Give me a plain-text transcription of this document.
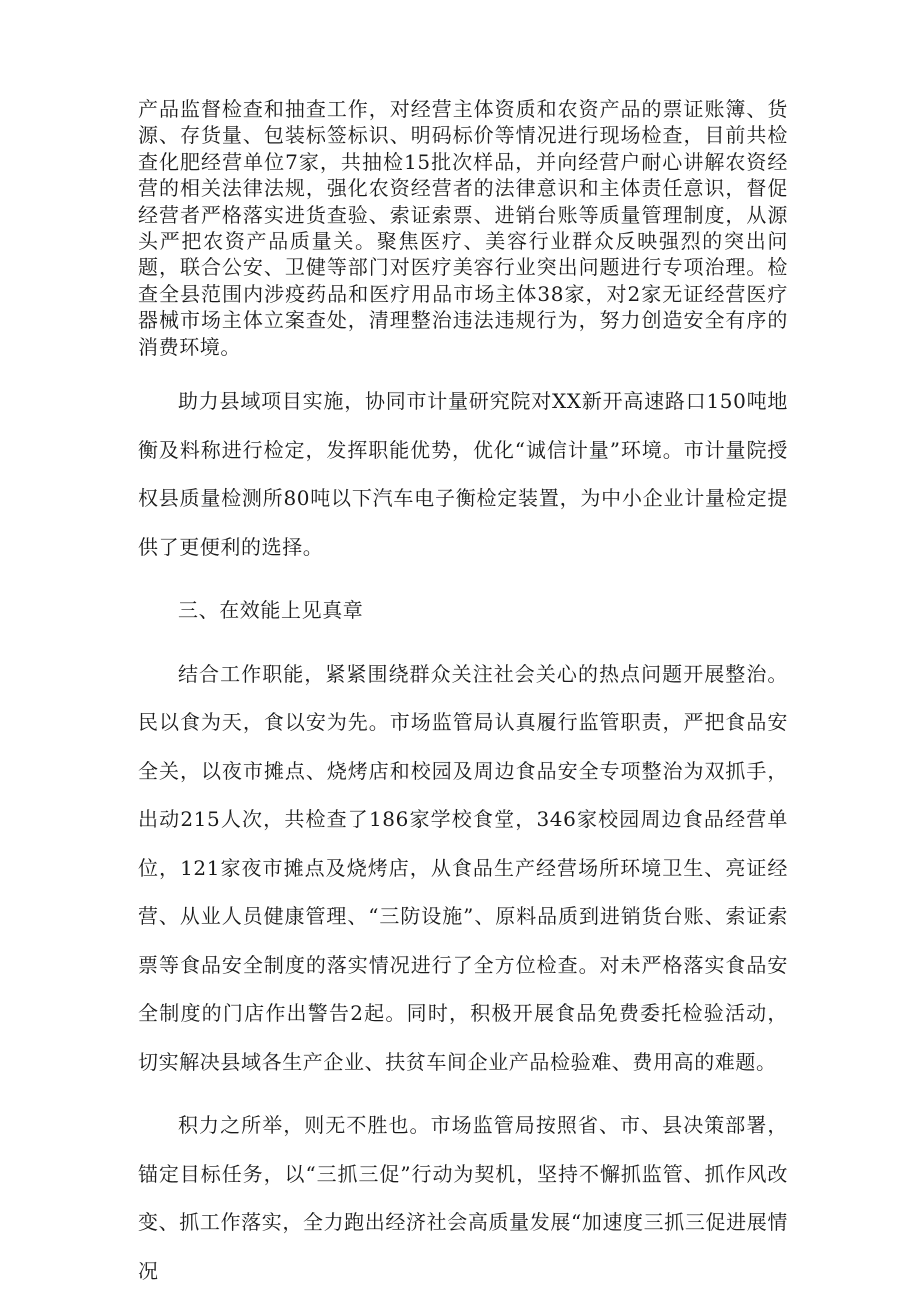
产品监督检查和抽查工作，对经营主体资质和农资产品的票证账簿、货源、存货量、包装标签标识、明码标价等情况进行现场检查，目前共检查化肥经营单位7家，共抽检15批次样品，并向经营户耐心讲解农资经营的相关法律法规，强化农资经营者的法律意识和主体责任意识，督促经营者严格落实进货查验、索证索票、进销台账等质量管理制度，从源头严把农资产品质量关。聚焦医疗、美容行业群众反映强烈的突出问题，联合公安、卫健等部门对医疗美容行业突出问题进行专项治理。检查全县范围内涉疫药品和医疗用品市场主体38家，对2家无证经营医疗器械市场主体立案查处，清理整治违法违规行为，努力创造安全有序的消费环境。

助力县域项目实施，协同市计量研究院对XX新开高速路口150吨地衡及料称进行检定，发挥职能优势，优化“诚信计量”环境。市计量院授权县质量检测所80吨以下汽车电子衡检定装置，为中小企业计量检定提供了更便利的选择。

三、在效能上见真章

结合工作职能，紧紧围绕群众关注社会关心的热点问题开展整治。民以食为天，食以安为先。市场监管局认真履行监管职责，严把食品安全关，以夜市摊点、烧烤店和校园及周边食品安全专项整治为双抓手，出动215人次，共检查了186家学校食堂，346家校园周边食品经营单位，121家夜市摊点及烧烤店，从食品生产经营场所环境卫生、亮证经营、从业人员健康管理、“三防设施”、原料品质到进销货台账、索证索票等食品安全制度的落实情况进行了全方位检查。对未严格落实食品安全制度的门店作出警告2起。同时，积极开展食品免费委托检验活动，切实解决县域各生产企业、扶贫车间企业产品检验难、费用高的难题。

积力之所举，则无不胜也。市场监管局按照省、市、县决策部署，锚定目标任务，以“三抓三促”行动为契机，坚持不懈抓监管、抓作风改变、抓工作落实，全力跑出经济社会高质量发展“加速度三抓三促进展情况
